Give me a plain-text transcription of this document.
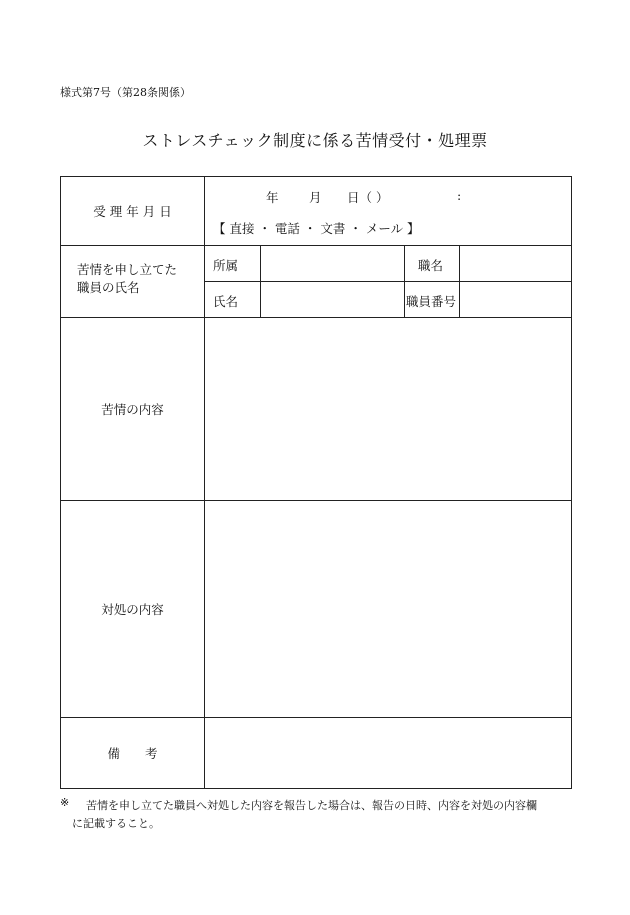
様式第7号（第28条関係）
ストレスチェック制度に係る苦情受付・処理票
受 理 年 月 日
年 月 日（ ）	:
【 直接 ・ 電話 ・ 文書 ・ メール 】
苦情を申し立てた
職員の氏名
所属	職名
氏名	職員番号
苦情の内容
対処の内容
備　　考
※ 苦情を申し立てた職員へ対処した内容を報告した場合は、報告の日時、内容を対処の内容欄
に記載すること。
